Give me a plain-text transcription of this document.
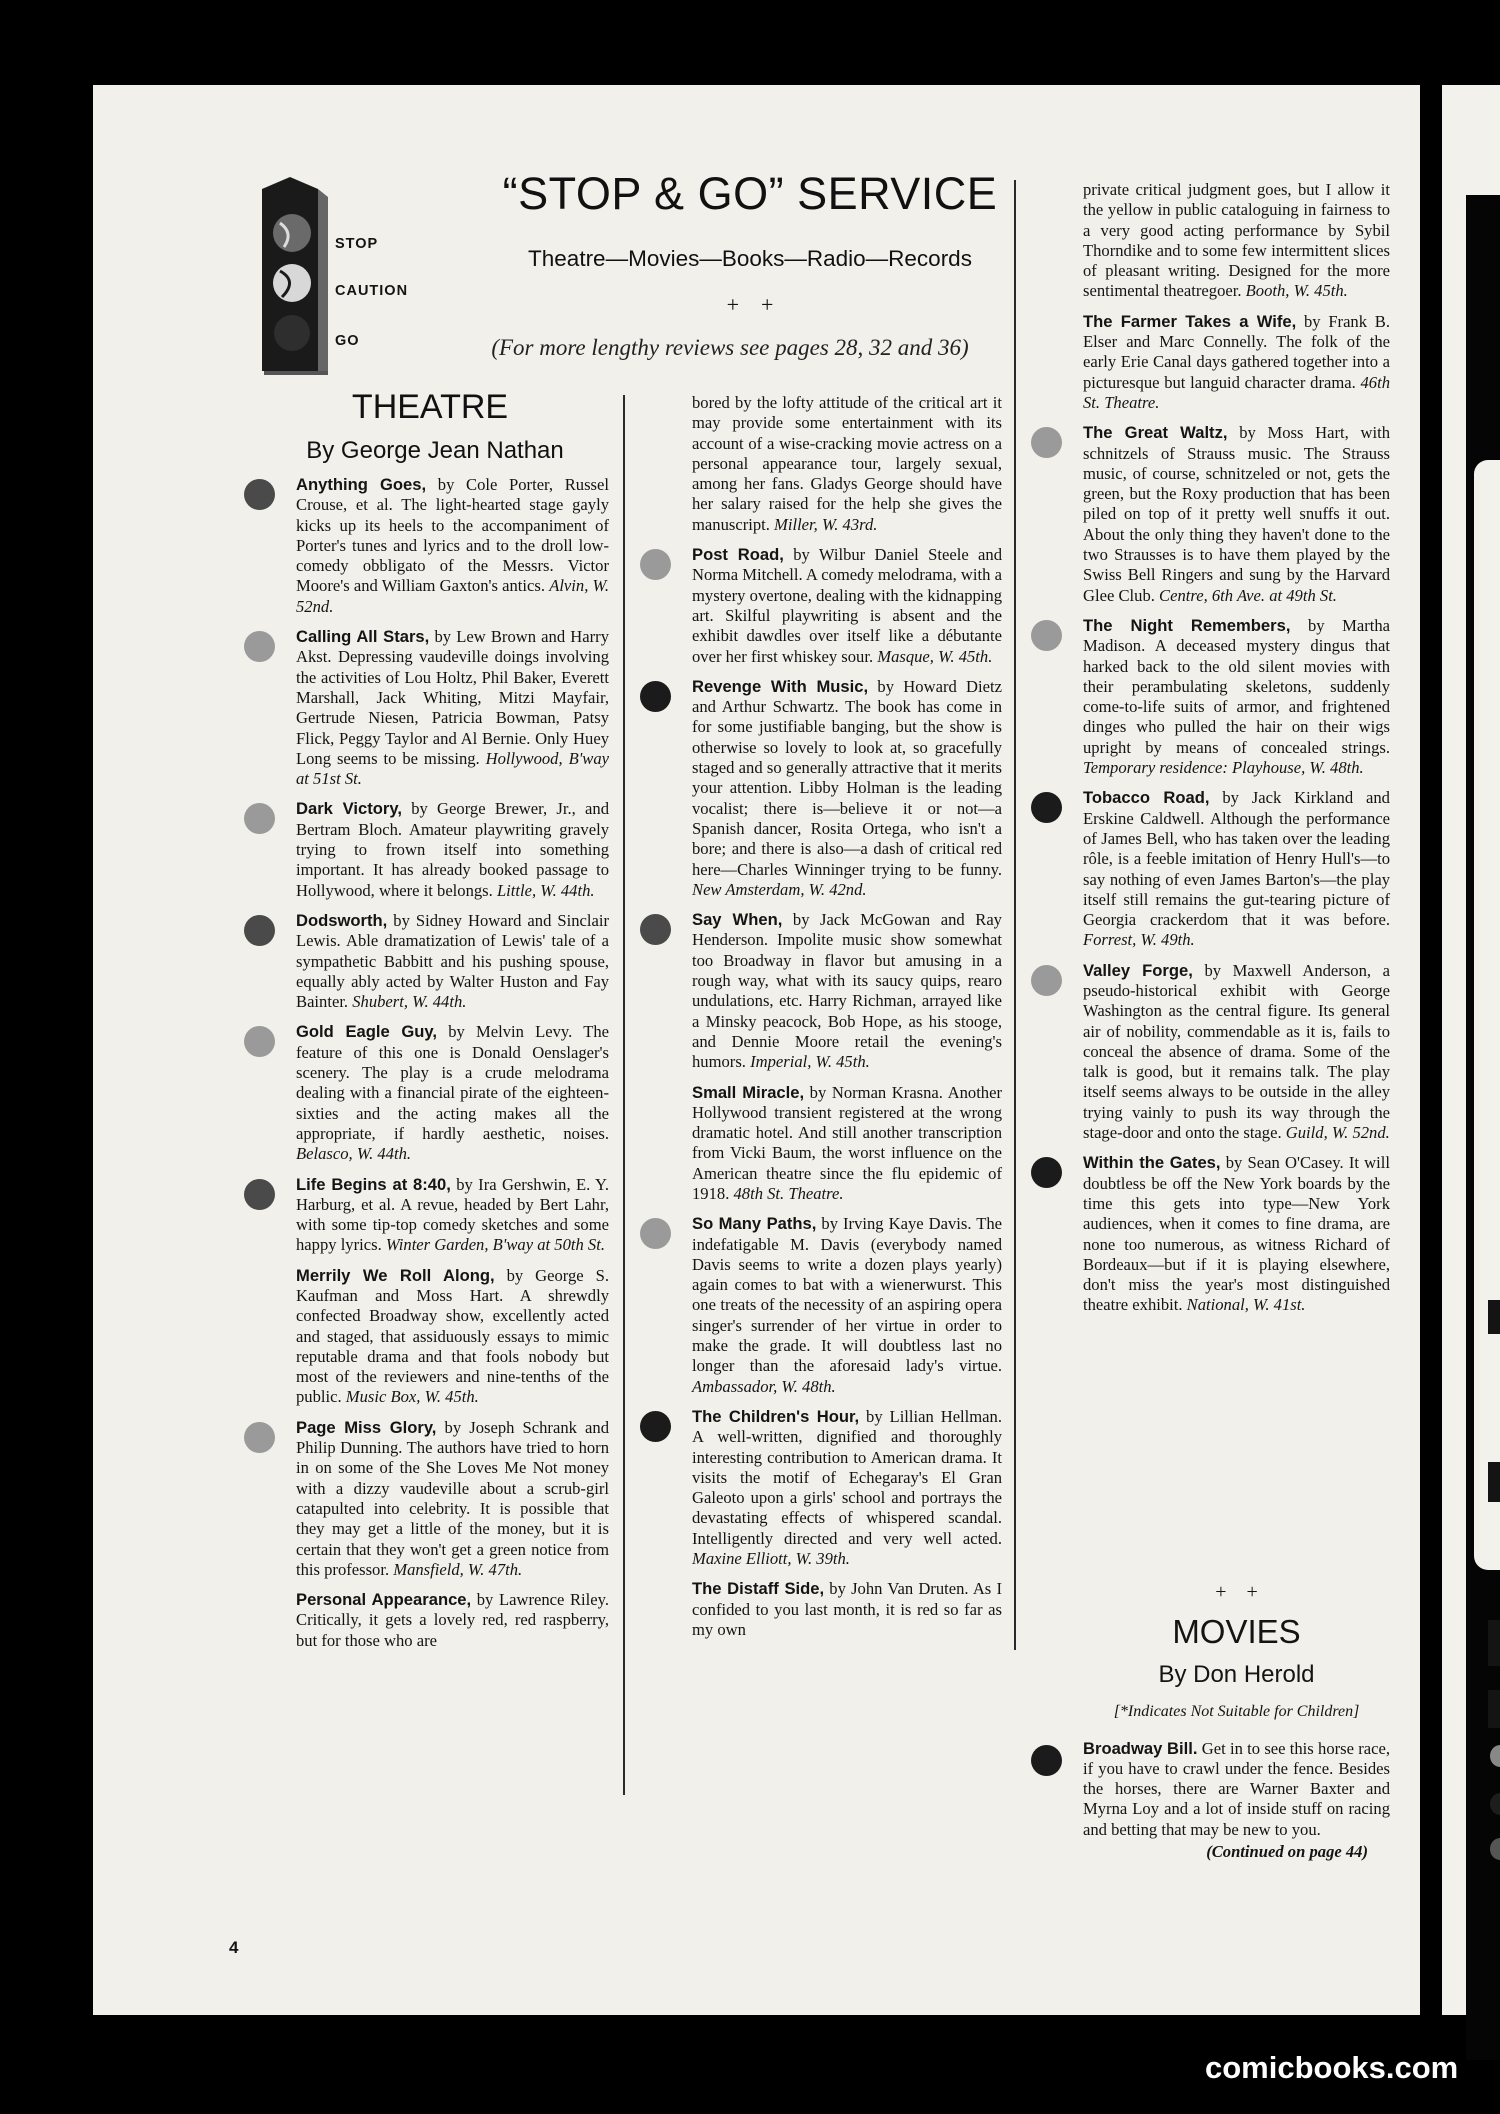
STOP
CAUTION
GO
“STOP & GO” SERVICE
Theatre—Movies—Books—Radio—Records
+    +
(For more lengthy reviews see pages 28, 32 and 36)
THEATRE
By George Jean Nathan

Anything Goes, by Cole Porter, Russel Crouse, et al. The light-hearted stage gayly kicks up its heels to the accompaniment of Porter's tunes and lyrics and to the droll low-comedy obbligato of the Messrs. Victor Moore's and William Gaxton's antics. Alvin, W. 52nd.

Calling All Stars, by Lew Brown and Harry Akst. Depressing vaudeville doings involving the activities of Lou Holtz, Phil Baker, Everett Marshall, Jack Whiting, Mitzi Mayfair, Gertrude Niesen, Patricia Bowman, Patsy Flick, Peggy Taylor and Al Bernie. Only Huey Long seems to be missing. Hollywood, B'way at 51st St.

Dark Victory, by George Brewer, Jr., and Bertram Bloch. Amateur playwriting gravely trying to frown itself into something important. It has already booked passage to Hollywood, where it belongs. Little, W. 44th.

Dodsworth, by Sidney Howard and Sinclair Lewis. Able dramatization of Lewis' tale of a sympathetic Babbitt and his pushing spouse, equally ably acted by Walter Huston and Fay Bainter. Shubert, W. 44th.

Gold Eagle Guy, by Melvin Levy. The feature of this one is Donald Oenslager's scenery. The play is a crude melodrama dealing with a financial pirate of the eighteen-sixties and the acting makes all the appropriate, if hardly aesthetic, noises. Belasco, W. 44th.

Life Begins at 8:40, by Ira Gershwin, E. Y. Harburg, et al. A revue, headed by Bert Lahr, with some tip-top comedy sketches and some happy lyrics. Winter Garden, B'way at 50th St.

Merrily We Roll Along, by George S. Kaufman and Moss Hart. A shrewdly confected Broadway show, excellently acted and staged, that assiduously essays to mimic reputable drama and that fools nobody but most of the reviewers and nine-tenths of the public. Music Box, W. 45th.

Page Miss Glory, by Joseph Schrank and Philip Dunning. The authors have tried to horn in on some of the She Loves Me Not money with a dizzy vaudeville about a scrub-girl catapulted into celebrity. It is possible that they may get a little of the money, but it is certain that they won't get a green notice from this professor. Mansfield, W. 47th.

Personal Appearance, by Lawrence Riley. Critically, it gets a lovely red, red raspberry, but for those who are

bored by the lofty attitude of the critical art it may provide some entertainment with its account of a wise-cracking movie actress on a personal appearance tour, largely sexual, among her fans. Gladys George should have her salary raised for the help she gives the manuscript. Miller, W. 43rd.

Post Road, by Wilbur Daniel Steele and Norma Mitchell. A comedy melodrama, with a mystery overtone, dealing with the kidnapping art. Skilful playwriting is absent and the exhibit dawdles over itself like a débutante over her first whiskey sour. Masque, W. 45th.

Revenge With Music, by Howard Dietz and Arthur Schwartz. The book has come in for some justifiable banging, but the show is otherwise so lovely to look at, so gracefully staged and so generally attractive that it merits your attention. Libby Holman is the leading vocalist; there is—believe it or not—a Spanish dancer, Rosita Ortega, who isn't a bore; and there is also—a dash of critical red here—Charles Winninger trying to be funny. New Amsterdam, W. 42nd.

Say When, by Jack McGowan and Ray Henderson. Impolite music show somewhat too Broadway in flavor but amusing in a rough way, what with its saucy quips, rearo undulations, etc. Harry Richman, arrayed like a Minsky peacock, Bob Hope, as his stooge, and Dennie Moore retail the evening's humors. Imperial, W. 45th.

Small Miracle, by Norman Krasna. Another Hollywood transient registered at the wrong dramatic hotel. And still another transcription from Vicki Baum, the worst influence on the American theatre since the flu epidemic of 1918. 48th St. Theatre.

So Many Paths, by Irving Kaye Davis. The indefatigable M. Davis (everybody named Davis seems to write a dozen plays yearly) again comes to bat with a wienerwurst. This one treats of the necessity of an aspiring opera singer's surrender of her virtue in order to make the grade. It will doubtless last no longer than the aforesaid lady's virtue. Ambassador, W. 48th.

The Children's Hour, by Lillian Hellman. A well-written, dignified and thoroughly interesting contribution to American drama. It visits the motif of Echegaray's El Gran Galeoto upon a girls' school and portrays the devastating effects of whispered scandal. Intelligently directed and very well acted. Maxine Elliott, W. 39th.

The Distaff Side, by John Van Druten. As I confided to you last month, it is red so far as my own

private critical judgment goes, but I allow it the yellow in public cataloguing in fairness to a very good acting performance by Sybil Thorndike and to some few intermittent slices of pleasant writing. Designed for the more sentimental theatregoer. Booth, W. 45th.

The Farmer Takes a Wife, by Frank B. Elser and Marc Connelly. The folk of the early Erie Canal days gathered together into a picturesque but languid character drama. 46th St. Theatre.

The Great Waltz, by Moss Hart, with schnitzels of Strauss music. The Strauss music, of course, schnitzeled or not, gets the green, but the Roxy production that has been piled on top of it pretty well snuffs it out. About the only thing they haven't done to the two Strausses is to have them played by the Swiss Bell Ringers and sung by the Harvard Glee Club. Centre, 6th Ave. at 49th St.

The Night Remembers, by Martha Madison. A deceased mystery dingus that harked back to the old silent movies with their perambulating skeletons, suddenly come-to-life suits of armor, and frightened dinges who pulled the hair on their wigs upright by means of concealed strings. Temporary residence: Playhouse, W. 48th.

Tobacco Road, by Jack Kirkland and Erskine Caldwell. Although the performance of James Bell, who has taken over the leading rôle, is a feeble imitation of Henry Hull's—to say nothing of even James Barton's—the play itself still remains the gut-tearing picture of Georgia crackerdom that it was before. Forrest, W. 49th.

Valley Forge, by Maxwell Anderson, a pseudo-historical exhibit with George Washington as the central figure. Its general air of nobility, commendable as it is, fails to conceal the absence of drama. Some of the talk is good, but it remains talk. The play itself seems always to be outside in the alley trying vainly to push its way through the stage-door and onto the stage. Guild, W. 52nd.

Within the Gates, by Sean O'Casey. It will doubtless be off the New York boards by the time this gets into type—New York audiences, when it comes to fine drama, are none too numerous, as witness Richard of Bordeaux—but if it is playing elsewhere, don't miss the year's most distinguished theatre exhibit. National, W. 41st.

+    +
MOVIES
By Don Herold
[*Indicates Not Suitable for Children]

Broadway Bill. Get in to see this horse race, if you have to crawl under the fence. Besides the horses, there are Warner Baxter and Myrna Loy and a lot of inside stuff on racing and betting that may be new to you.

(Continued on page 44)
4
comicbooks.com
